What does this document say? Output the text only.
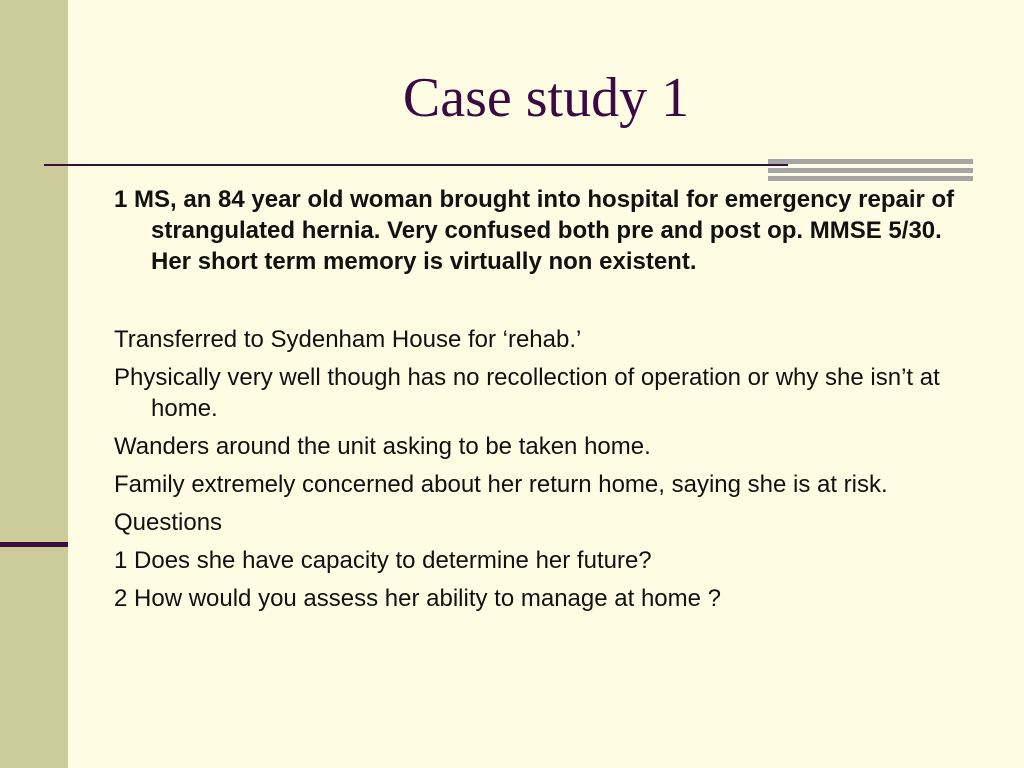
Case study 1

1 MS, an 84 year old woman brought into hospital for emergency repair of strangulated hernia. Very confused both pre and post op. MMSE 5/30. Her short term memory is virtually non existent.

Transferred to Sydenham House for ‘rehab.’

Physically very well though has no recollection of operation or why she isn’t at home.

Wanders around the unit asking to be taken home.

Family extremely concerned about her return home, saying she is at risk.

Questions

1 Does she have capacity to determine her future?

2 How would you assess her ability to manage at home ?
